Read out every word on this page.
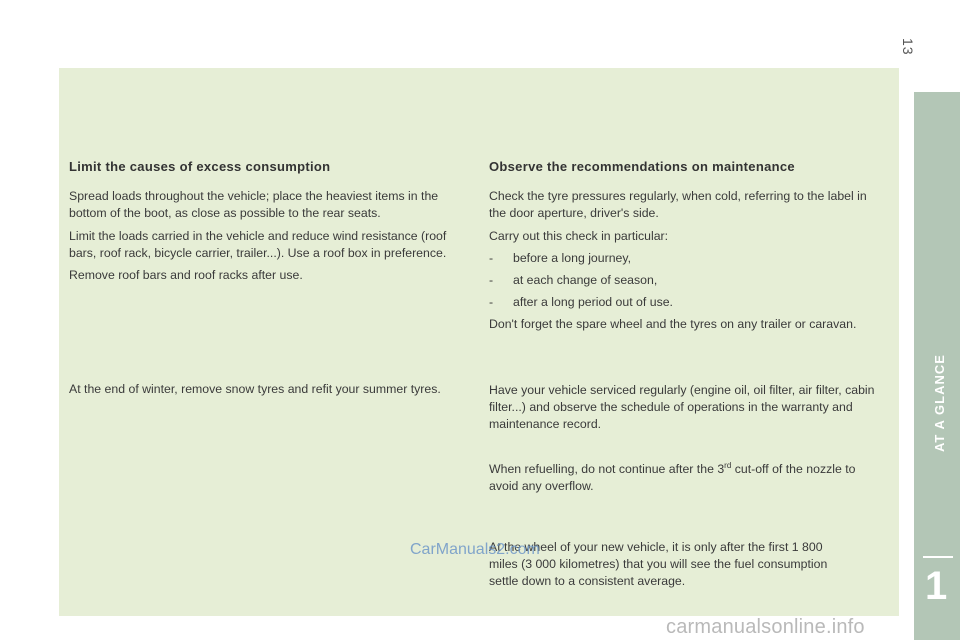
13
AT A GLANCE
1
Limit the causes of excess consumption

Spread loads throughout the vehicle; place the heaviest items in the bottom of the boot, as close as possible to the rear seats.

Limit the loads carried in the vehicle and reduce wind resistance (roof bars, roof rack, bicycle carrier, trailer...). Use a roof box in preference.

Remove roof bars and roof racks after use.

At the end of winter, remove snow tyres and refit your summer tyres.

Observe the recommendations on maintenance

Check the tyre pressures regularly, when cold, referring to the label in the door aperture, driver's side.

Carry out this check in particular:

-	before a long journey,
-	at each change of season,
-	after a long period out of use.

Don't forget the spare wheel and the tyres on any trailer or caravan.

Have your vehicle serviced regularly (engine oil, oil filter, air filter, cabin filter...) and observe the schedule of operations in the warranty and maintenance record.

When refuelling, do not continue after the 3rd cut-off of the nozzle to avoid any overflow.

At the wheel of your new vehicle, it is only after the first 1 800 miles (3 000 kilometres) that you will see the fuel consumption settle down to a consistent average.

CarManuals2.com
carmanualsonline.info
